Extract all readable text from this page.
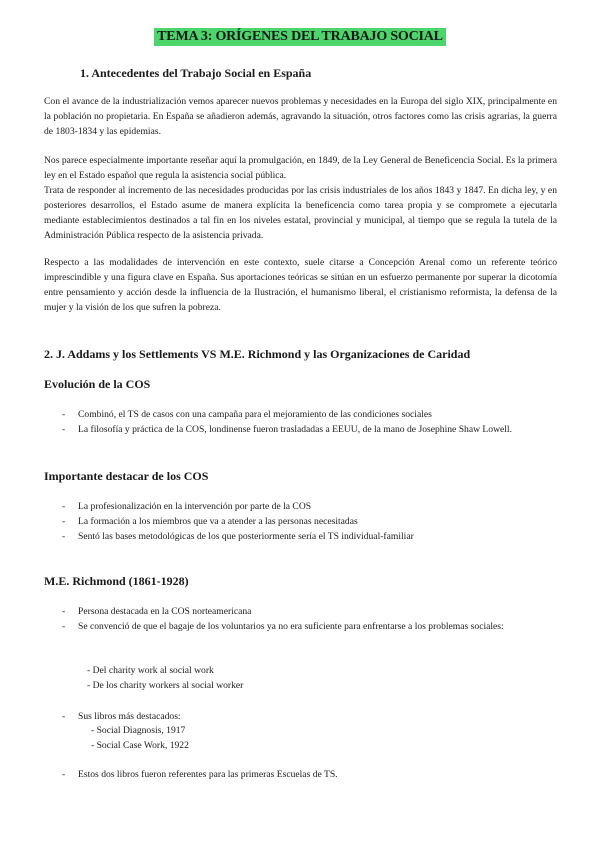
TEMA 3: ORÍGENES DEL TRABAJO SOCIAL
1. Antecedentes del Trabajo Social en España

Con el avance de la industrialización vemos aparecer nuevos problemas y necesidades en la Europa del siglo XIX, principalmente en la población no propietaria. En España se añadieron además, agravando la situación, otros factores como las crisis agrarias, la guerra de 1803-1834 y las epidemias.

Nos parece especialmente importante reseñar aquí la promulgación, en 1849, de la Ley General de Beneficencia Social. Es la primera ley en el Estado español que regula la asistencia social pública.
Trata de responder al incremento de las necesidades producidas por las crisis industriales de los años 1843 y 1847. En dicha ley, y en posteriores desarrollos, el Estado asume de manera explícita la beneficencia como tarea propia y se compromete a ejecutarla mediante establecimientos destinados a tal fin en los niveles estatal, provincial y municipal, al tiempo que se regula la tutela de la Administración Pública respecto de la asistencia privada.

Respecto a las modalidades de intervención en este contexto, suele citarse a Concepción Arenal como un referente teórico imprescindible y una figura clave en España. Sus aportaciones teóricas se sitúan en un esfuerzo permanente por superar la dicotomía entre pensamiento y acción desde la influencia de la Ilustración, el humanismo liberal, el cristianismo reformista, la defensa de la mujer y la visión de los que sufren la pobreza.

2. J. Addams y los Settlements VS M.E. Richmond y las Organizaciones de Caridad
Evolución de la COS
- Combinó, el TS de casos con una campaña para el mejoramiento de las condiciones sociales
- La filosofía y práctica de la COS, londinense fueron trasladadas a EEUU, de la mano de Josephine Shaw Lowell.
Importante destacar de los COS
- La profesionalización en la intervención por parte de la COS
- La formación a los miembros que va a atender a las personas necesitadas
- Sentó las bases metodológicas de los que posteriormente sería el TS individual-familiar
M.E. Richmond (1861-1928)
- Persona destacada en la COS norteamericana
- Se convenció de que el bagaje de los voluntarios ya no era suficiente para enfrentarse a los problemas sociales:
- Del charity work al social work
- De los charity workers al social worker
- Sus libros más destacados:
- Social Diagnosis, 1917
- Social Case Work, 1922
- Estos dos libros fueron referentes para las primeras Escuelas de TS.
